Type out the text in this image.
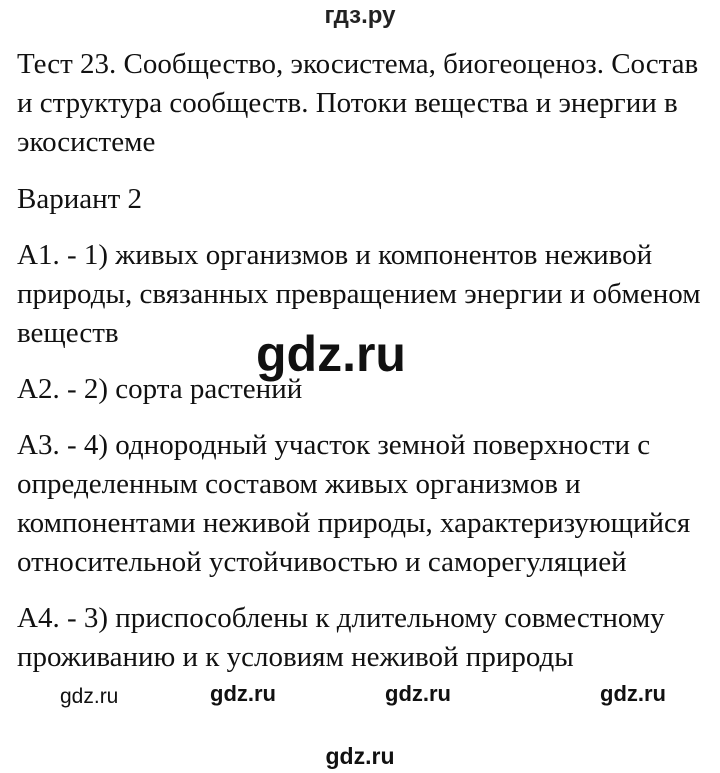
гдз.ру

Тест 23. Сообщество, экосистема, биогеоценоз. Состав и структура сообществ. Потоки вещества и энергии в экосистеме

Вариант 2

А1. - 1) живых организмов и компонентов неживой природы, связанных превращением энергии и обменом веществ

А2. - 2) сорта растений

А3. - 4) однородный участок земной поверхности с определенным составом живых организмов и компонентами неживой природы, характеризующийся относительной устойчивостью и саморегуляцией

А4. - 3) приспособлены к длительному совместному проживанию и к условиям неживой природы

gdz.ru
gdz.ru	gdz.ru	gdz.ru	gdz.ru
gdz.ru
